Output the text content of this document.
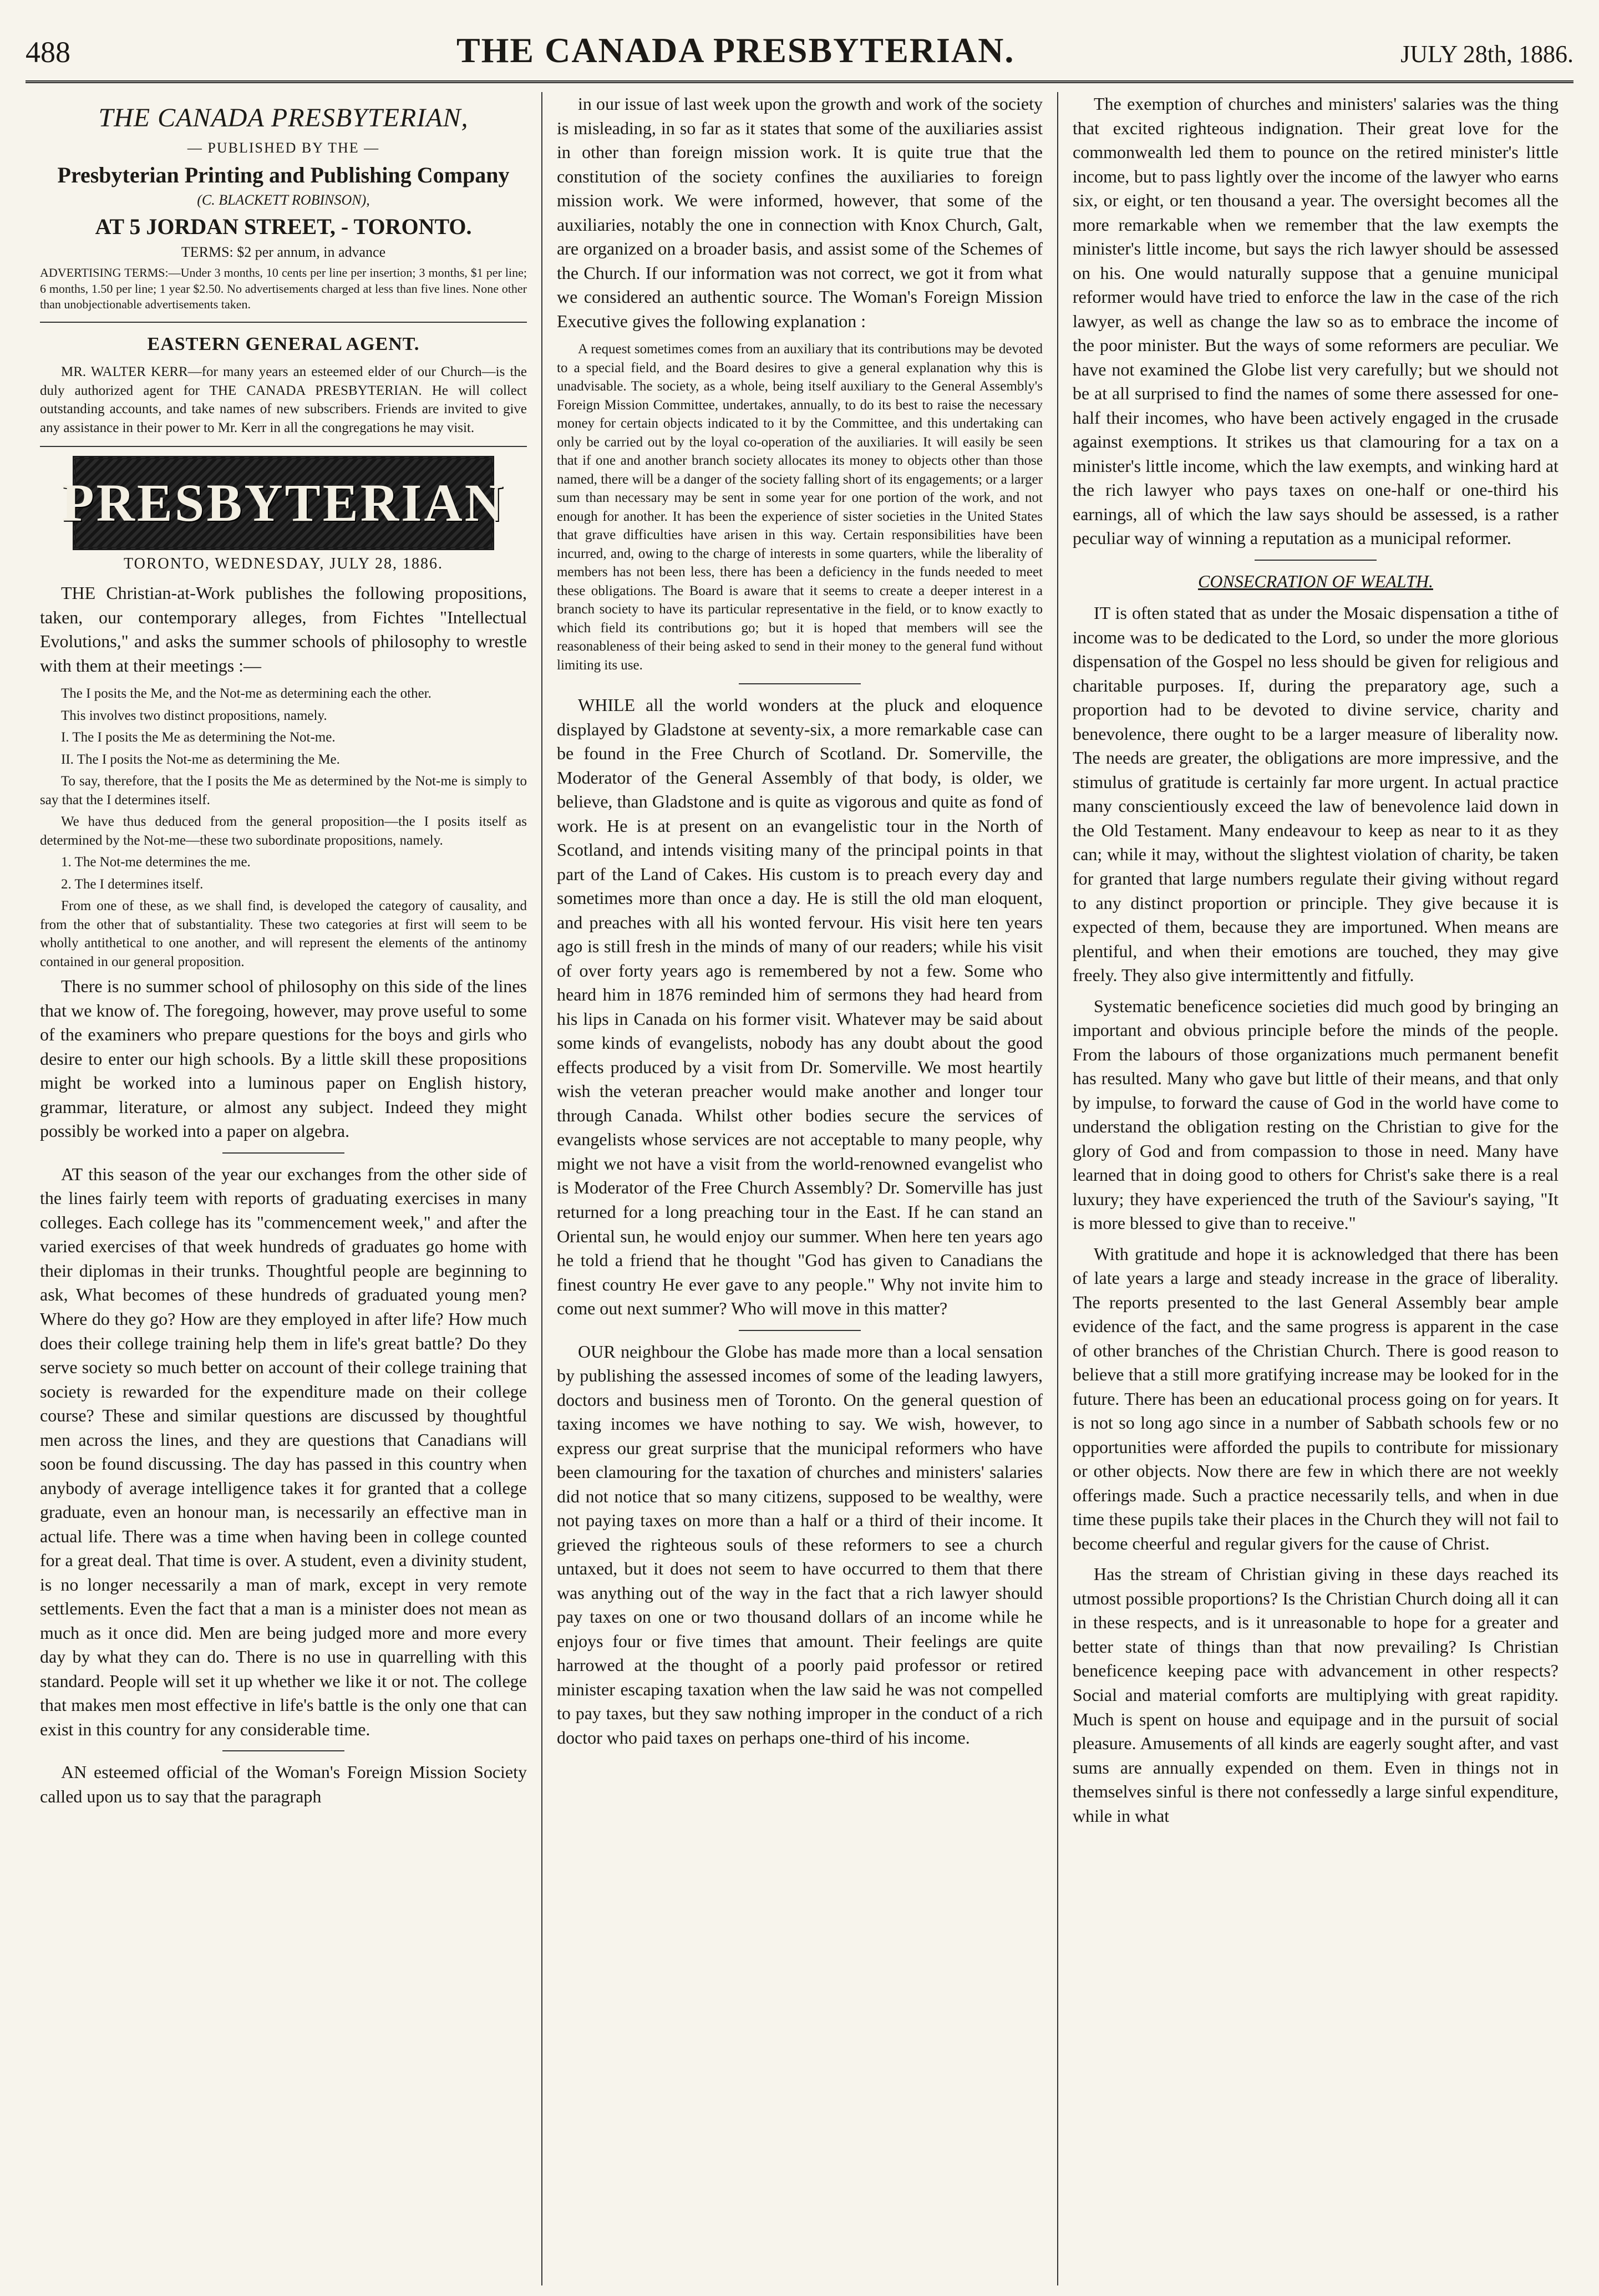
488	THE CANADA PRESBYTERIAN.	JULY 28th, 1886.
THE CANADA PRESBYTERIAN,
— PUBLISHED BY THE —
Presbyterian Printing and Publishing Company
(C. BLACKETT ROBINSON),
AT 5 JORDAN STREET, - TORONTO.
TERMS: $2 per annum, in advance
ADVERTISING TERMS:—Under 3 months, 10 cents per line per insertion; 3 months, $1 per line; 6 months, 1.50 per line; 1 year $2.50. No advertisements charged at less than five lines. None other than unobjectionable advertisements taken.
EASTERN GENERAL AGENT.

MR. WALTER KERR—for many years an esteemed elder of our Church—is the duly authorized agent for THE CANADA PRESBYTERIAN. He will collect outstanding accounts, and take names of new subscribers. Friends are invited to give any assistance in their power to Mr. Kerr in all the congregations he may visit.

PRESBYTERIAN
TORONTO, WEDNESDAY, JULY 28, 1886.

THE Christian-at-Work publishes the following propositions, taken, our contemporary alleges, from Fichtes "Intellectual Evolutions," and asks the summer schools of philosophy to wrestle with them at their meetings :—

The I posits the Me, and the Not-me as determining each the other.

This involves two distinct propositions, namely.

I. The I posits the Me as determining the Not-me.

II. The I posits the Not-me as determining the Me.

To say, therefore, that the I posits the Me as determined by the Not-me is simply to say that the I determines itself.

We have thus deduced from the general proposition—the I posits itself as determined by the Not-me—these two subordinate propositions, namely.

1. The Not-me determines the me.

2. The I determines itself.

From one of these, as we shall find, is developed the category of causality, and from the other that of substantiality. These two categories at first will seem to be wholly antithetical to one another, and will represent the elements of the antinomy contained in our general proposition.

There is no summer school of philosophy on this side of the lines that we know of. The foregoing, however, may prove useful to some of the examiners who prepare questions for the boys and girls who desire to enter our high schools. By a little skill these propositions might be worked into a luminous paper on English history, grammar, literature, or almost any subject. Indeed they might possibly be worked into a paper on algebra.

AT this season of the year our exchanges from the other side of the lines fairly teem with reports of graduating exercises in many colleges. Each college has its "commencement week," and after the varied exercises of that week hundreds of graduates go home with their diplomas in their trunks. Thoughtful people are beginning to ask, What becomes of these hundreds of graduated young men? Where do they go? How are they employed in after life? How much does their college training help them in life's great battle? Do they serve society so much better on account of their college training that society is rewarded for the expenditure made on their college course? These and similar questions are discussed by thoughtful men across the lines, and they are questions that Canadians will soon be found discussing. The day has passed in this country when anybody of average intelligence takes it for granted that a college graduate, even an honour man, is necessarily an effective man in actual life. There was a time when having been in college counted for a great deal. That time is over. A student, even a divinity student, is no longer necessarily a man of mark, except in very remote settlements. Even the fact that a man is a minister does not mean as much as it once did. Men are being judged more and more every day by what they can do. There is no use in quarrelling with this standard. People will set it up whether we like it or not. The college that makes men most effective in life's battle is the only one that can exist in this country for any considerable time.

AN esteemed official of the Woman's Foreign Mission Society called upon us to say that the paragraph

in our issue of last week upon the growth and work of the society is misleading, in so far as it states that some of the auxiliaries assist in other than foreign mission work. It is quite true that the constitution of the society confines the auxiliaries to foreign mission work. We were informed, however, that some of the auxiliaries, notably the one in connection with Knox Church, Galt, are organized on a broader basis, and assist some of the Schemes of the Church. If our information was not correct, we got it from what we considered an authentic source. The Woman's Foreign Mission Executive gives the following explanation :

A request sometimes comes from an auxiliary that its contributions may be devoted to a special field, and the Board desires to give a general explanation why this is unadvisable. The society, as a whole, being itself auxiliary to the General Assembly's Foreign Mission Committee, undertakes, annually, to do its best to raise the necessary money for certain objects indicated to it by the Committee, and this undertaking can only be carried out by the loyal co-operation of the auxiliaries. It will easily be seen that if one and another branch society allocates its money to objects other than those named, there will be a danger of the society falling short of its engagements; or a larger sum than necessary may be sent in some year for one portion of the work, and not enough for another. It has been the experience of sister societies in the United States that grave difficulties have arisen in this way. Certain responsibilities have been incurred, and, owing to the charge of interests in some quarters, while the liberality of members has not been less, there has been a deficiency in the funds needed to meet these obligations. The Board is aware that it seems to create a deeper interest in a branch society to have its particular representative in the field, or to know exactly to which field its contributions go; but it is hoped that members will see the reasonableness of their being asked to send in their money to the general fund without limiting its use.

WHILE all the world wonders at the pluck and eloquence displayed by Gladstone at seventy-six, a more remarkable case can be found in the Free Church of Scotland. Dr. Somerville, the Moderator of the General Assembly of that body, is older, we believe, than Gladstone and is quite as vigorous and quite as fond of work. He is at present on an evangelistic tour in the North of Scotland, and intends visiting many of the principal points in that part of the Land of Cakes. His custom is to preach every day and sometimes more than once a day. He is still the old man eloquent, and preaches with all his wonted fervour. His visit here ten years ago is still fresh in the minds of many of our readers; while his visit of over forty years ago is remembered by not a few. Some who heard him in 1876 reminded him of sermons they had heard from his lips in Canada on his former visit. Whatever may be said about some kinds of evangelists, nobody has any doubt about the good effects produced by a visit from Dr. Somerville. We most heartily wish the veteran preacher would make another and longer tour through Canada. Whilst other bodies secure the services of evangelists whose services are not acceptable to many people, why might we not have a visit from the world-renowned evangelist who is Moderator of the Free Church Assembly? Dr. Somerville has just returned for a long preaching tour in the East. If he can stand an Oriental sun, he would enjoy our summer. When here ten years ago he told a friend that he thought "God has given to Canadians the finest country He ever gave to any people." Why not invite him to come out next summer? Who will move in this matter?

OUR neighbour the Globe has made more than a local sensation by publishing the assessed incomes of some of the leading lawyers, doctors and business men of Toronto. On the general question of taxing incomes we have nothing to say. We wish, however, to express our great surprise that the municipal reformers who have been clamouring for the taxation of churches and ministers' salaries did not notice that so many citizens, supposed to be wealthy, were not paying taxes on more than a half or a third of their income. It grieved the righteous souls of these reformers to see a church untaxed, but it does not seem to have occurred to them that there was anything out of the way in the fact that a rich lawyer should pay taxes on one or two thousand dollars of an income while he enjoys four or five times that amount. Their feelings are quite harrowed at the thought of a poorly paid professor or retired minister escaping taxation when the law said he was not compelled to pay taxes, but they saw nothing improper in the conduct of a rich doctor who paid taxes on perhaps one-third of his income.

The exemption of churches and ministers' salaries was the thing that excited righteous indignation. Their great love for the commonwealth led them to pounce on the retired minister's little income, but to pass lightly over the income of the lawyer who earns six, or eight, or ten thousand a year. The oversight becomes all the more remarkable when we remember that the law exempts the minister's little income, but says the rich lawyer should be assessed on his. One would naturally suppose that a genuine municipal reformer would have tried to enforce the law in the case of the rich lawyer, as well as change the law so as to embrace the income of the poor minister. But the ways of some reformers are peculiar. We have not examined the Globe list very carefully; but we should not be at all surprised to find the names of some there assessed for one-half their incomes, who have been actively engaged in the crusade against exemptions. It strikes us that clamouring for a tax on a minister's little income, which the law exempts, and winking hard at the rich lawyer who pays taxes on one-half or one-third his earnings, all of which the law says should be assessed, is a rather peculiar way of winning a reputation as a municipal reformer.

CONSECRATION OF WEALTH.

IT is often stated that as under the Mosaic dispensation a tithe of income was to be dedicated to the Lord, so under the more glorious dispensation of the Gospel no less should be given for religious and charitable purposes. If, during the preparatory age, such a proportion had to be devoted to divine service, charity and benevolence, there ought to be a larger measure of liberality now. The needs are greater, the obligations are more impressive, and the stimulus of gratitude is certainly far more urgent. In actual practice many conscientiously exceed the law of benevolence laid down in the Old Testament. Many endeavour to keep as near to it as they can; while it may, without the slightest violation of charity, be taken for granted that large numbers regulate their giving without regard to any distinct proportion or principle. They give because it is expected of them, because they are importuned. When means are plentiful, and when their emotions are touched, they may give freely. They also give intermittently and fitfully.

Systematic beneficence societies did much good by bringing an important and obvious principle before the minds of the people. From the labours of those organizations much permanent benefit has resulted. Many who gave but little of their means, and that only by impulse, to forward the cause of God in the world have come to understand the obligation resting on the Christian to give for the glory of God and from compassion to those in need. Many have learned that in doing good to others for Christ's sake there is a real luxury; they have experienced the truth of the Saviour's saying, "It is more blessed to give than to receive."

With gratitude and hope it is acknowledged that there has been of late years a large and steady increase in the grace of liberality. The reports presented to the last General Assembly bear ample evidence of the fact, and the same progress is apparent in the case of other branches of the Christian Church. There is good reason to believe that a still more gratifying increase may be looked for in the future. There has been an educational process going on for years. It is not so long ago since in a number of Sabbath schools few or no opportunities were afforded the pupils to contribute for missionary or other objects. Now there are few in which there are not weekly offerings made. Such a practice necessarily tells, and when in due time these pupils take their places in the Church they will not fail to become cheerful and regular givers for the cause of Christ.

Has the stream of Christian giving in these days reached its utmost possible proportions? Is the Christian Church doing all it can in these respects, and is it unreasonable to hope for a greater and better state of things than that now prevailing? Is Christian beneficence keeping pace with advancement in other respects? Social and material comforts are multiplying with great rapidity. Much is spent on house and equipage and in the pursuit of social pleasure. Amusements of all kinds are eagerly sought after, and vast sums are annually expended on them. Even in things not in themselves sinful is there not confessedly a large sinful expenditure, while in what
